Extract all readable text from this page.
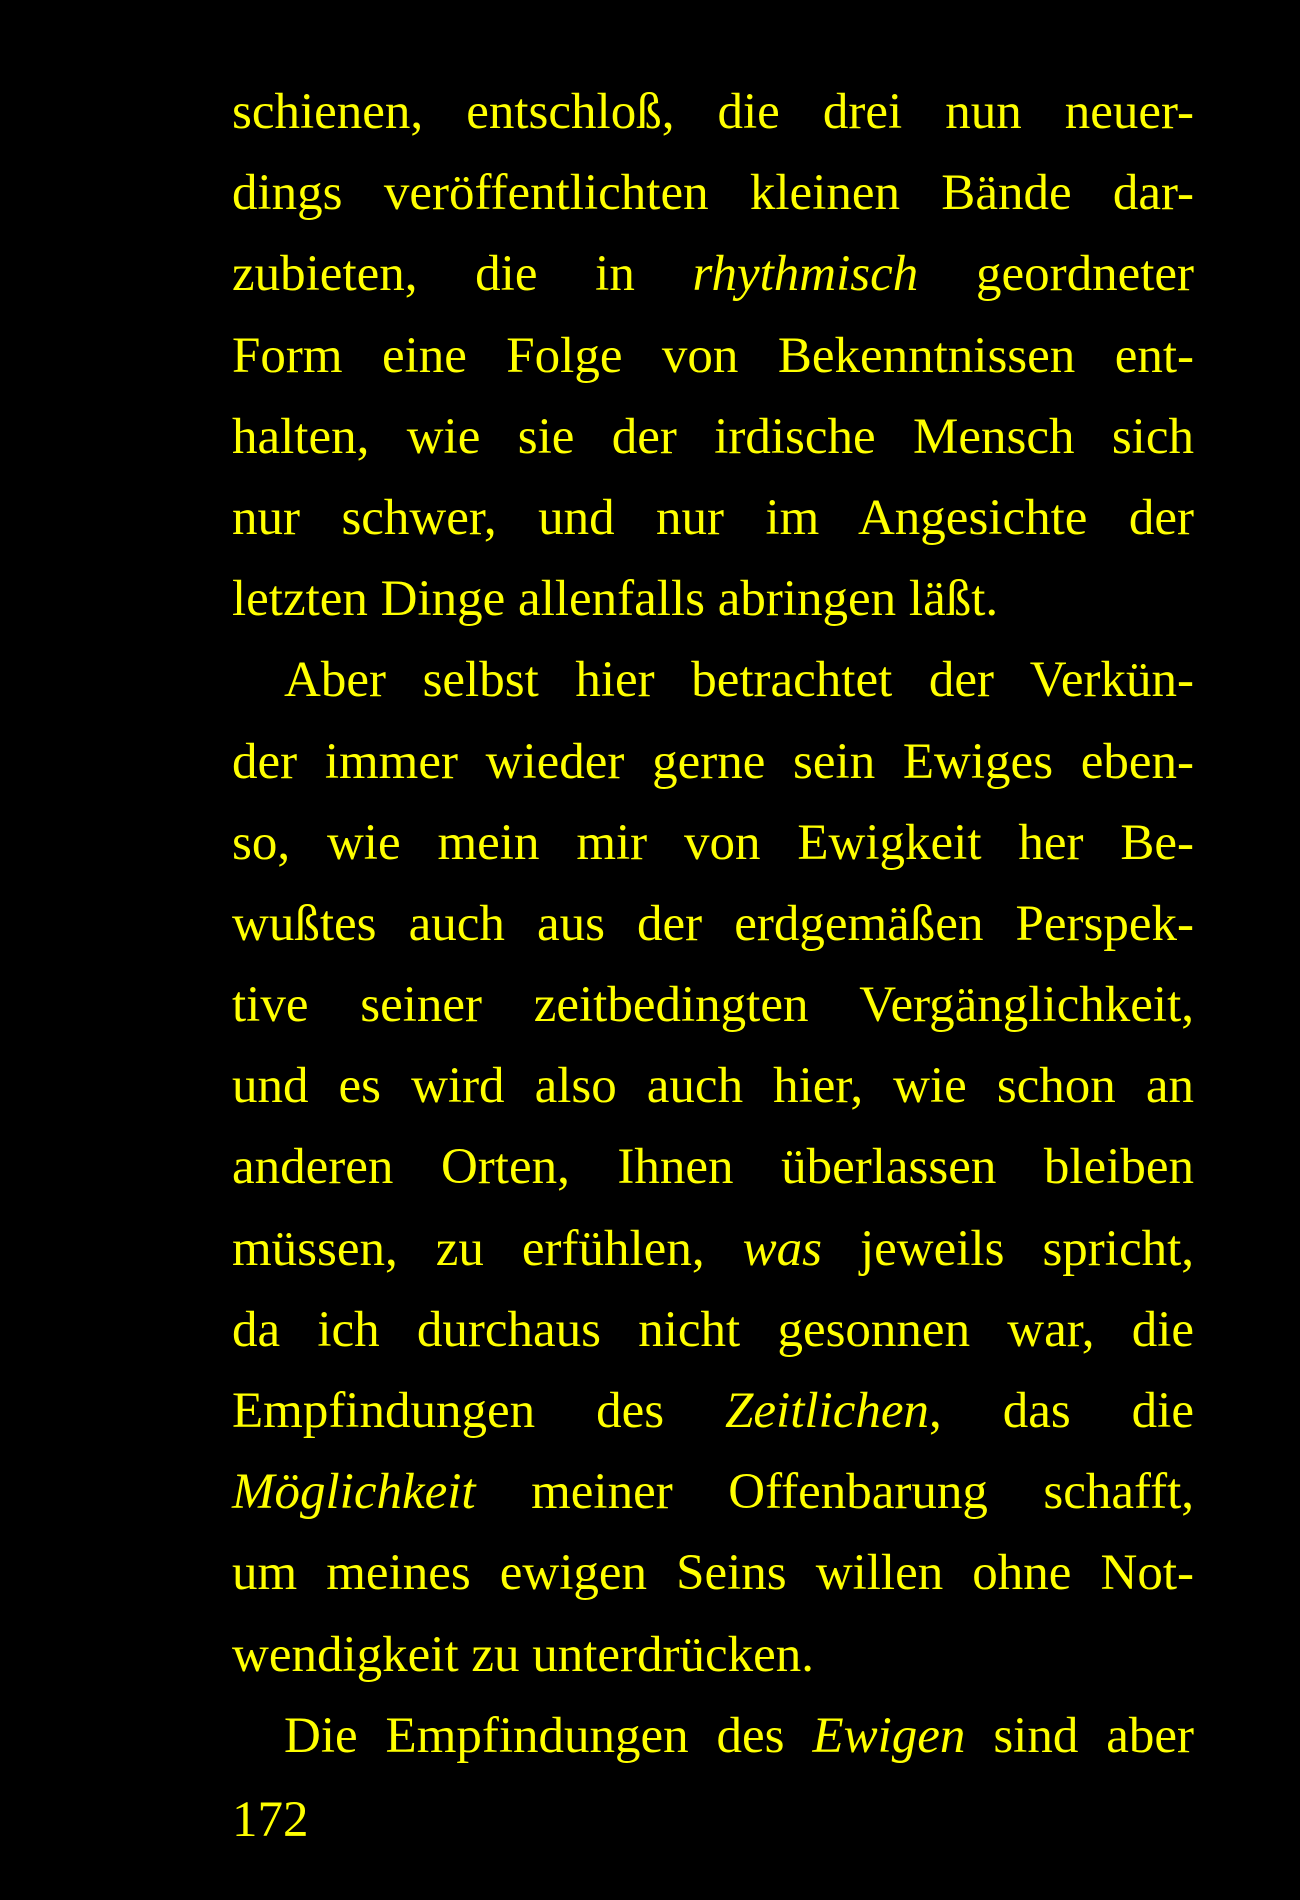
schienen, entschloß, die drei nun neuer-
dings veröffentlichten kleinen Bände dar-
zubieten, die in rhythmisch geordneter
Form eine Folge von Bekenntnissen ent-
halten, wie sie der irdische Mensch sich
nur schwer, und nur im Angesichte der
letzten Dinge allenfalls abringen läßt.
Aber selbst hier betrachtet der Verkün-
der immer wieder gerne sein Ewiges eben-
so, wie mein mir von Ewigkeit her Be-
wußtes auch aus der erdgemäßen Perspek-
tive seiner zeitbedingten Vergänglichkeit,
und es wird also auch hier, wie schon an
anderen Orten, Ihnen überlassen bleiben
müssen, zu erfühlen, was jeweils spricht,
da ich durchaus nicht gesonnen war, die
Empfindungen des Zeitlichen, das die
Möglichkeit meiner Offenbarung schafft,
um meines ewigen Seins willen ohne Not-
wendigkeit zu unterdrücken.
Die Empfindungen des Ewigen sind aber
172
